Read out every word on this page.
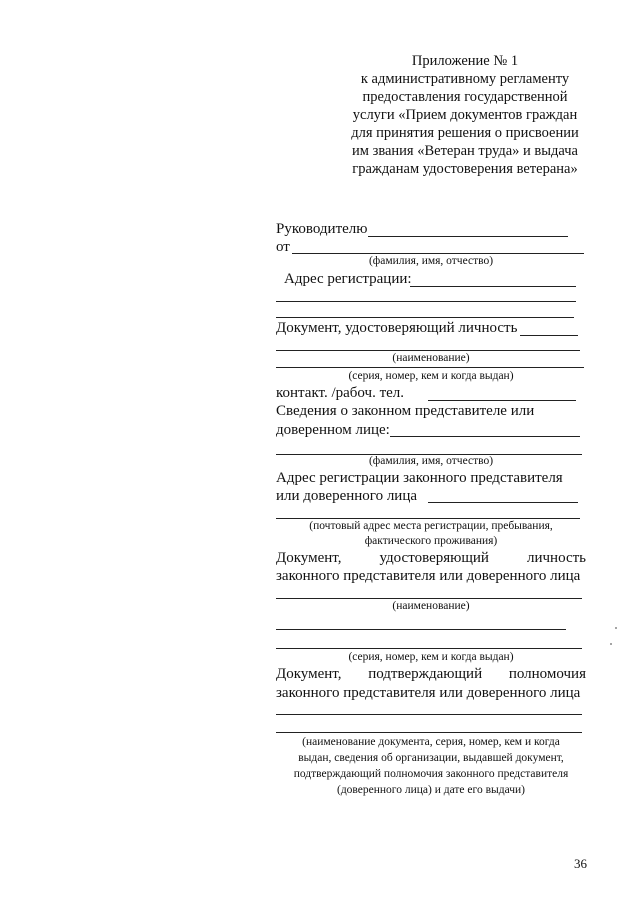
Приложение № 1
к административному регламенту
предоставления государственной
услуги «Прием документов граждан
для принятия решения о присвоении
им звания «Ветеран труда» и выдача
гражданам удостоверения ветерана»
Руководителю
от
(фамилия, имя, отчество)
Адрес регистрации:
Документ, удостоверяющий личность
(наименование)
(серия, номер, кем и когда выдан)
контакт. /рабоч. тел.
Сведения о законном представителе или
доверенном лице:
(фамилия, имя, отчество)
Адрес регистрации законного представителя
или доверенного лица
(почтовый адрес места регистрации, пребывания,
фактического проживания)
Документ,	удостоверяющий	личность
законного представителя или доверенного лица
(наименование)
(серия, номер, кем и когда выдан)
Документ, подтверждающий полномочия
законного представителя или доверенного лица
(наименование документа, серия, номер, кем и когда
выдан, сведения об организации, выдавшей документ,
подтверждающий полномочия законного представителя
(доверенного лица) и дате его выдачи)
36
